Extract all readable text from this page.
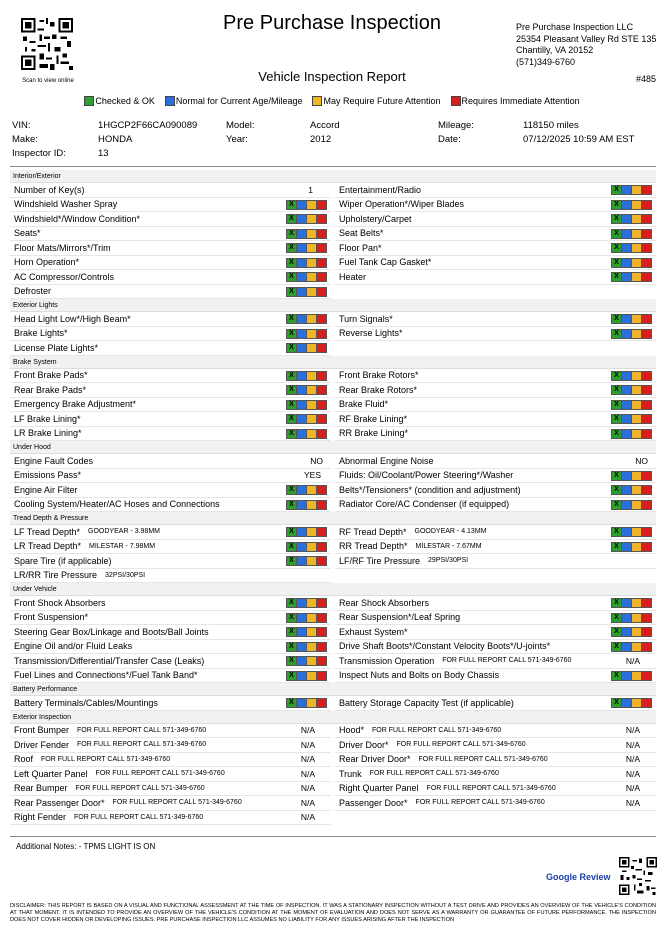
Scan to view online
Pre Purchase Inspection
Vehicle Inspection Report
Pre Purchase Inspection LLC
25354 Pleasant Valley Rd STE 135
Chantilly, VA 20152
(571)349-6760
#485
Checked & OK Normal for Current Age/Mileage May Require Future Attention Requires Immediate Attention
VIN:	1HGCP2F66CA090089	Model:	Accord	Mileage:	118150 miles
Make:	HONDA	Year:	2012	Date:	07/12/2025 10:59 AM EST
Inspector ID:	13
Interior/Exterior
Number of Key(s)	1	Entertainment/Radio	X
Windshield Washer Spray	X	Wiper Operation*/Wiper Blades	X
Windshield*/Window Condition*	X	Upholstery/Carpet	X
Seats*	X	Seat Belts*	X
Floor Mats/Mirrors*/Trim	X	Floor Pan*	X
Horn Operation*	X	Fuel Tank Cap Gasket*	X
AC Compressor/Controls	X	Heater	X
Defroster	X
Exterior Lights
Head Light Low*/High Beam*	X	Turn Signals*	X
Brake Lights*	X	Reverse Lights*	X
License Plate Lights*	X
Brake System
Front Brake Pads*	X	Front Brake Rotors*	X
Rear Brake Pads*	X	Rear Brake Rotors*	X
Emergency Brake Adjustment*	X	Brake Fluid*	X
LF Brake Lining*	X	RF Brake Lining*	X
LR Brake Lining*	X	RR Brake Lining*	X
Under Hood
Engine Fault Codes	NO Abnormal Engine Noise	NO
Emissions Pass*	YES Fluids: Oil/Coolant/Power Steering*/Washer	X
Engine Air Filter	X	Belts*/Tensioners* (condition and adjustment)	X
Cooling System/Heater/AC Hoses and Connections	X	Radiator Core/AC Condenser (if equipped)	X
Tread Depth & Pressure
LF Tread Depth* GOODYEAR - 3.98MM	X	RF Tread Depth* GOODYEAR - 4.13MM	X
LR Tread Depth* MILESTAR - 7.98MM	X	RR Tread Depth* MILESTAR - 7.67MM	X
Spare Tire (if applicable)	X	LF/RF Tire Pressure 29PSI/30PSI
LR/RR Tire Pressure 32PSI/30PSI
Under Vehicle
Front Shock Absorbers	X	Rear Shock Absorbers	X
Front Suspension*	X	Rear Suspension*/Leaf Spring	X
Steering Gear Box/Linkage and Boots/Ball Joints	X	Exhaust System*	X
Engine Oil and/or Fluid Leaks	X	Drive Shaft Boots*/Constant Velocity Boots*/U-joints*	X
Transmission/Differential/Transfer Case (Leaks)	X	Transmission Operation FOR FULL REPORT CALL 571-349-6760	N/A
Fuel Lines and Connections*/Fuel Tank Band*	X	Inspect Nuts and Bolts on Body Chassis	X
Battery Performance
Battery Terminals/Cables/Mountings	X	Battery Storage Capacity Test (if applicable)	X
Exterior Inspection
Front Bumper FOR FULL REPORT CALL 571-349-6760	N/A	Hood* FOR FULL REPORT CALL 571-349-6760	N/A
Driver Fender FOR FULL REPORT CALL 571-349-6760	N/A	Driver Door* FOR FULL REPORT CALL 571-349-6760	N/A
Roof FOR FULL REPORT CALL 571-349-6760	N/A	Rear Driver Door* FOR FULL REPORT CALL 571-349-6760	N/A
Left Quarter Panel FOR FULL REPORT CALL 571-349-6760	N/A	Trunk FOR FULL REPORT CALL 571-349-6760	N/A
Rear Bumper FOR FULL REPORT CALL 571-349-6760	N/A	Right Quarter Panel FOR FULL REPORT CALL 571-349-6760	N/A
Rear Passenger Door* FOR FULL REPORT CALL 571-349-6760	N/A	Passenger Door* FOR FULL REPORT CALL 571-349-6760	N/A
Right Fender FOR FULL REPORT CALL 571-349-6760	N/A
Additional Notes: - TPMS LIGHT IS ON
Google Review
DISCLAIMER: THIS REPORT IS BASED ON A VISUAL AND FUNCTIONAL ASSESSMENT AT THE TIME OF INSPECTION. IT WAS A STATIONARY INSPECTION WITHOUT A TEST DRIVE AND PROVIDES AN OVERVIEW OF THE VEHICLE'S CONDITION AT THAT MOMENT. IT IS INTENDED TO PROVIDE AN OVERVIEW OF THE VEHICLE'S CONDITION AT THE MOMENT OF EVALUATION AND DOES NOT SERVE AS A WARRANTY OR GUARANTEE OF FUTURE PERFORMANCE. THE INSPECTION DOES NOT COVER HIDDEN OR DEVELOPING ISSUES. PRE PURCHASE INSPECTION LLC ASSUMES NO LIABILITY FOR ANY ISSUES ARISING AFTER THE INSPECTION
